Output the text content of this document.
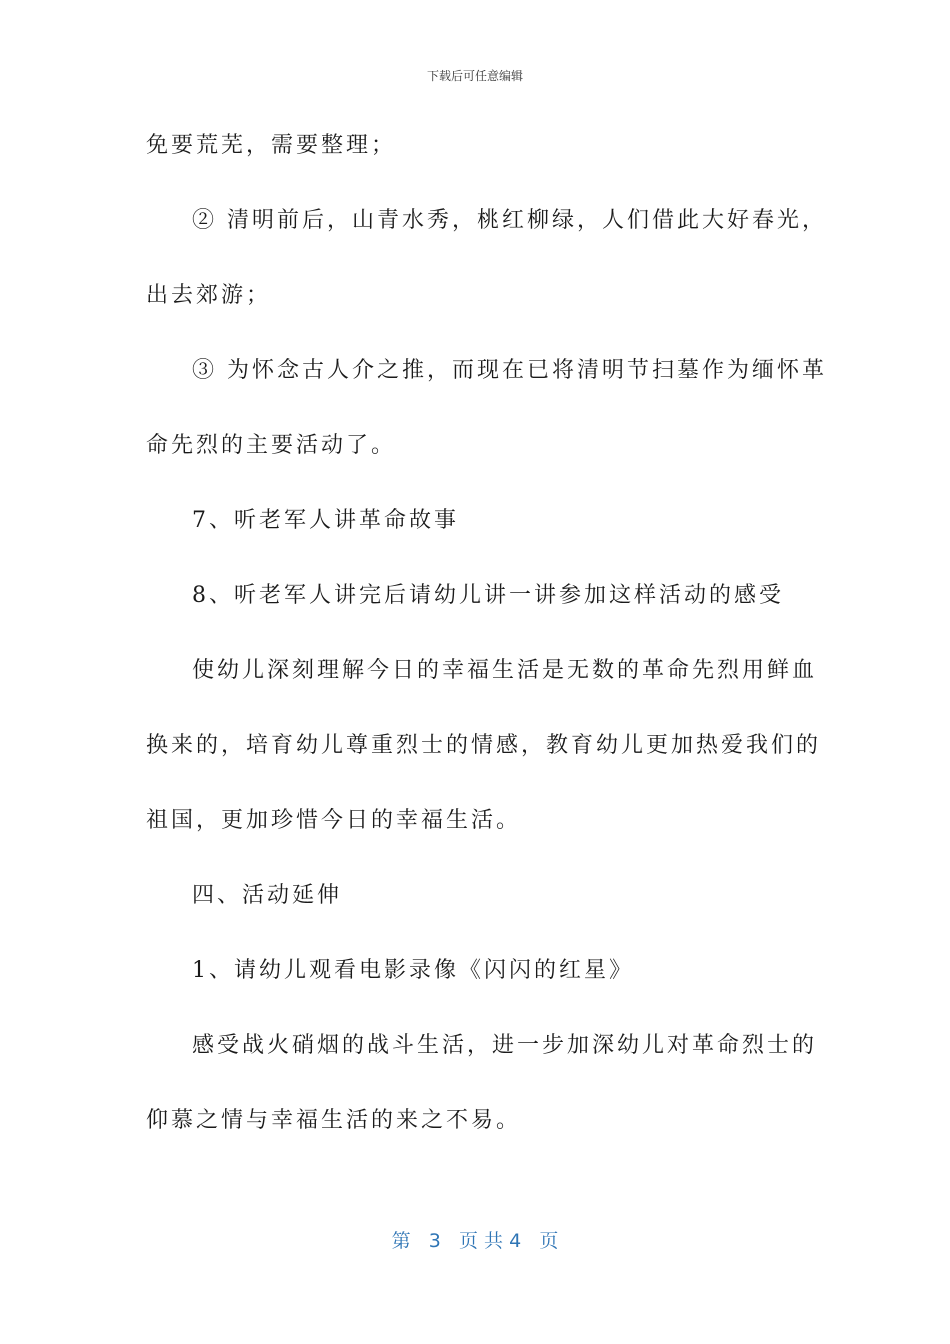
下载后可任意编辑
免要荒芜，需要整理；
② 清明前后，山青水秀，桃红柳绿，人们借此大好春光，
出去郊游；
③ 为怀念古人介之推，而现在已将清明节扫墓作为缅怀革
命先烈的主要活动了。
7、听老军人讲革命故事
8、听老军人讲完后请幼儿讲一讲参加这样活动的感受
使幼儿深刻理解今日的幸福生活是无数的革命先烈用鲜血
换来的，培育幼儿尊重烈士的情感，教育幼儿更加热爱我们的
祖国，更加珍惜今日的幸福生活。
四、活动延伸
1、请幼儿观看电影录像《闪闪的红星》
感受战火硝烟的战斗生活，进一步加深幼儿对革命烈士的
仰慕之情与幸福生活的来之不易。
第 3 页 共 4 页
